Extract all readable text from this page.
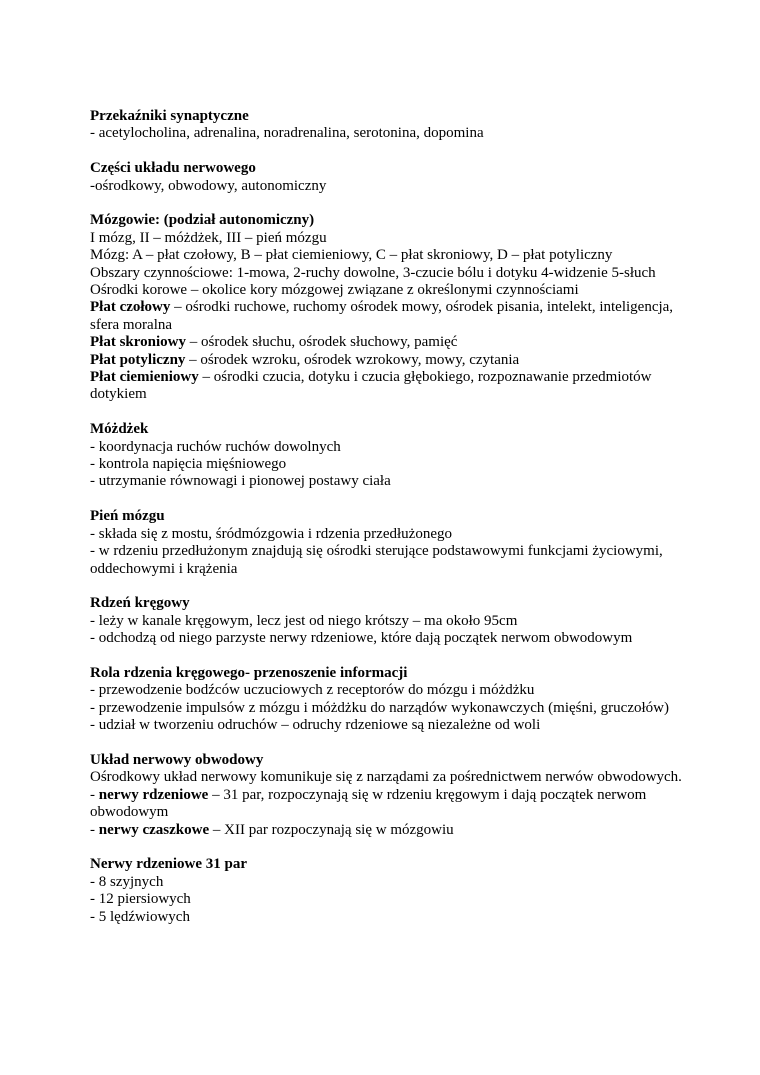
Przekaźniki synaptyczne

- acetylocholina, adrenalina, noradrenalina, serotonina, dopomina

Części układu nerwowego

-ośrodkowy, obwodowy, autonomiczny

Mózgowie: (podział autonomiczny)

I mózg, II – móżdżek, III – pień mózgu

Mózg: A – płat czołowy, B – płat ciemieniowy, C – płat skroniowy, D – płat potyliczny

Obszary czynnościowe: 1-mowa, 2-ruchy dowolne, 3-czucie bólu i dotyku 4-widzenie 5-słuch

Ośrodki korowe – okolice kory mózgowej związane z określonymi czynnościami

Płat czołowy – ośrodki ruchowe, ruchomy ośrodek mowy, ośrodek pisania, intelekt, inteligencja, sfera moralna

Płat skroniowy – ośrodek słuchu, ośrodek słuchowy, pamięć

Płat potyliczny – ośrodek wzroku, ośrodek wzrokowy, mowy, czytania

Płat ciemieniowy – ośrodki czucia, dotyku i czucia głębokiego, rozpoznawanie przedmiotów dotykiem

Móżdżek

- koordynacja ruchów ruchów dowolnych

- kontrola napięcia mięśniowego

- utrzymanie równowagi i pionowej postawy ciała

Pień mózgu

- składa się z mostu, śródmózgowia i rdzenia przedłużonego

- w rdzeniu przedłużonym znajdują się ośrodki sterujące podstawowymi funkcjami życiowymi, oddechowymi i krążenia

Rdzeń kręgowy

- leży w kanale kręgowym, lecz jest od niego krótszy – ma około 95cm

- odchodzą od niego parzyste nerwy rdzeniowe, które dają początek nerwom obwodowym

Rola rdzenia kręgowego- przenoszenie informacji

- przewodzenie bodźców uczuciowych z receptorów do mózgu i móżdżku

- przewodzenie impulsów z mózgu i móżdżku do narządów wykonawczych (mięśni, gruczołów)

- udział w tworzeniu odruchów – odruchy rdzeniowe są niezależne od woli

Układ nerwowy obwodowy

Ośrodkowy układ nerwowy komunikuje się z narządami za pośrednictwem nerwów obwodowych.

- nerwy rdzeniowe – 31 par, rozpoczynają się w rdzeniu kręgowym i dają początek nerwom obwodowym

- nerwy czaszkowe – XII par rozpoczynają się w mózgowiu

Nerwy rdzeniowe 31 par

- 8 szyjnych

- 12 piersiowych

- 5 lędźwiowych
